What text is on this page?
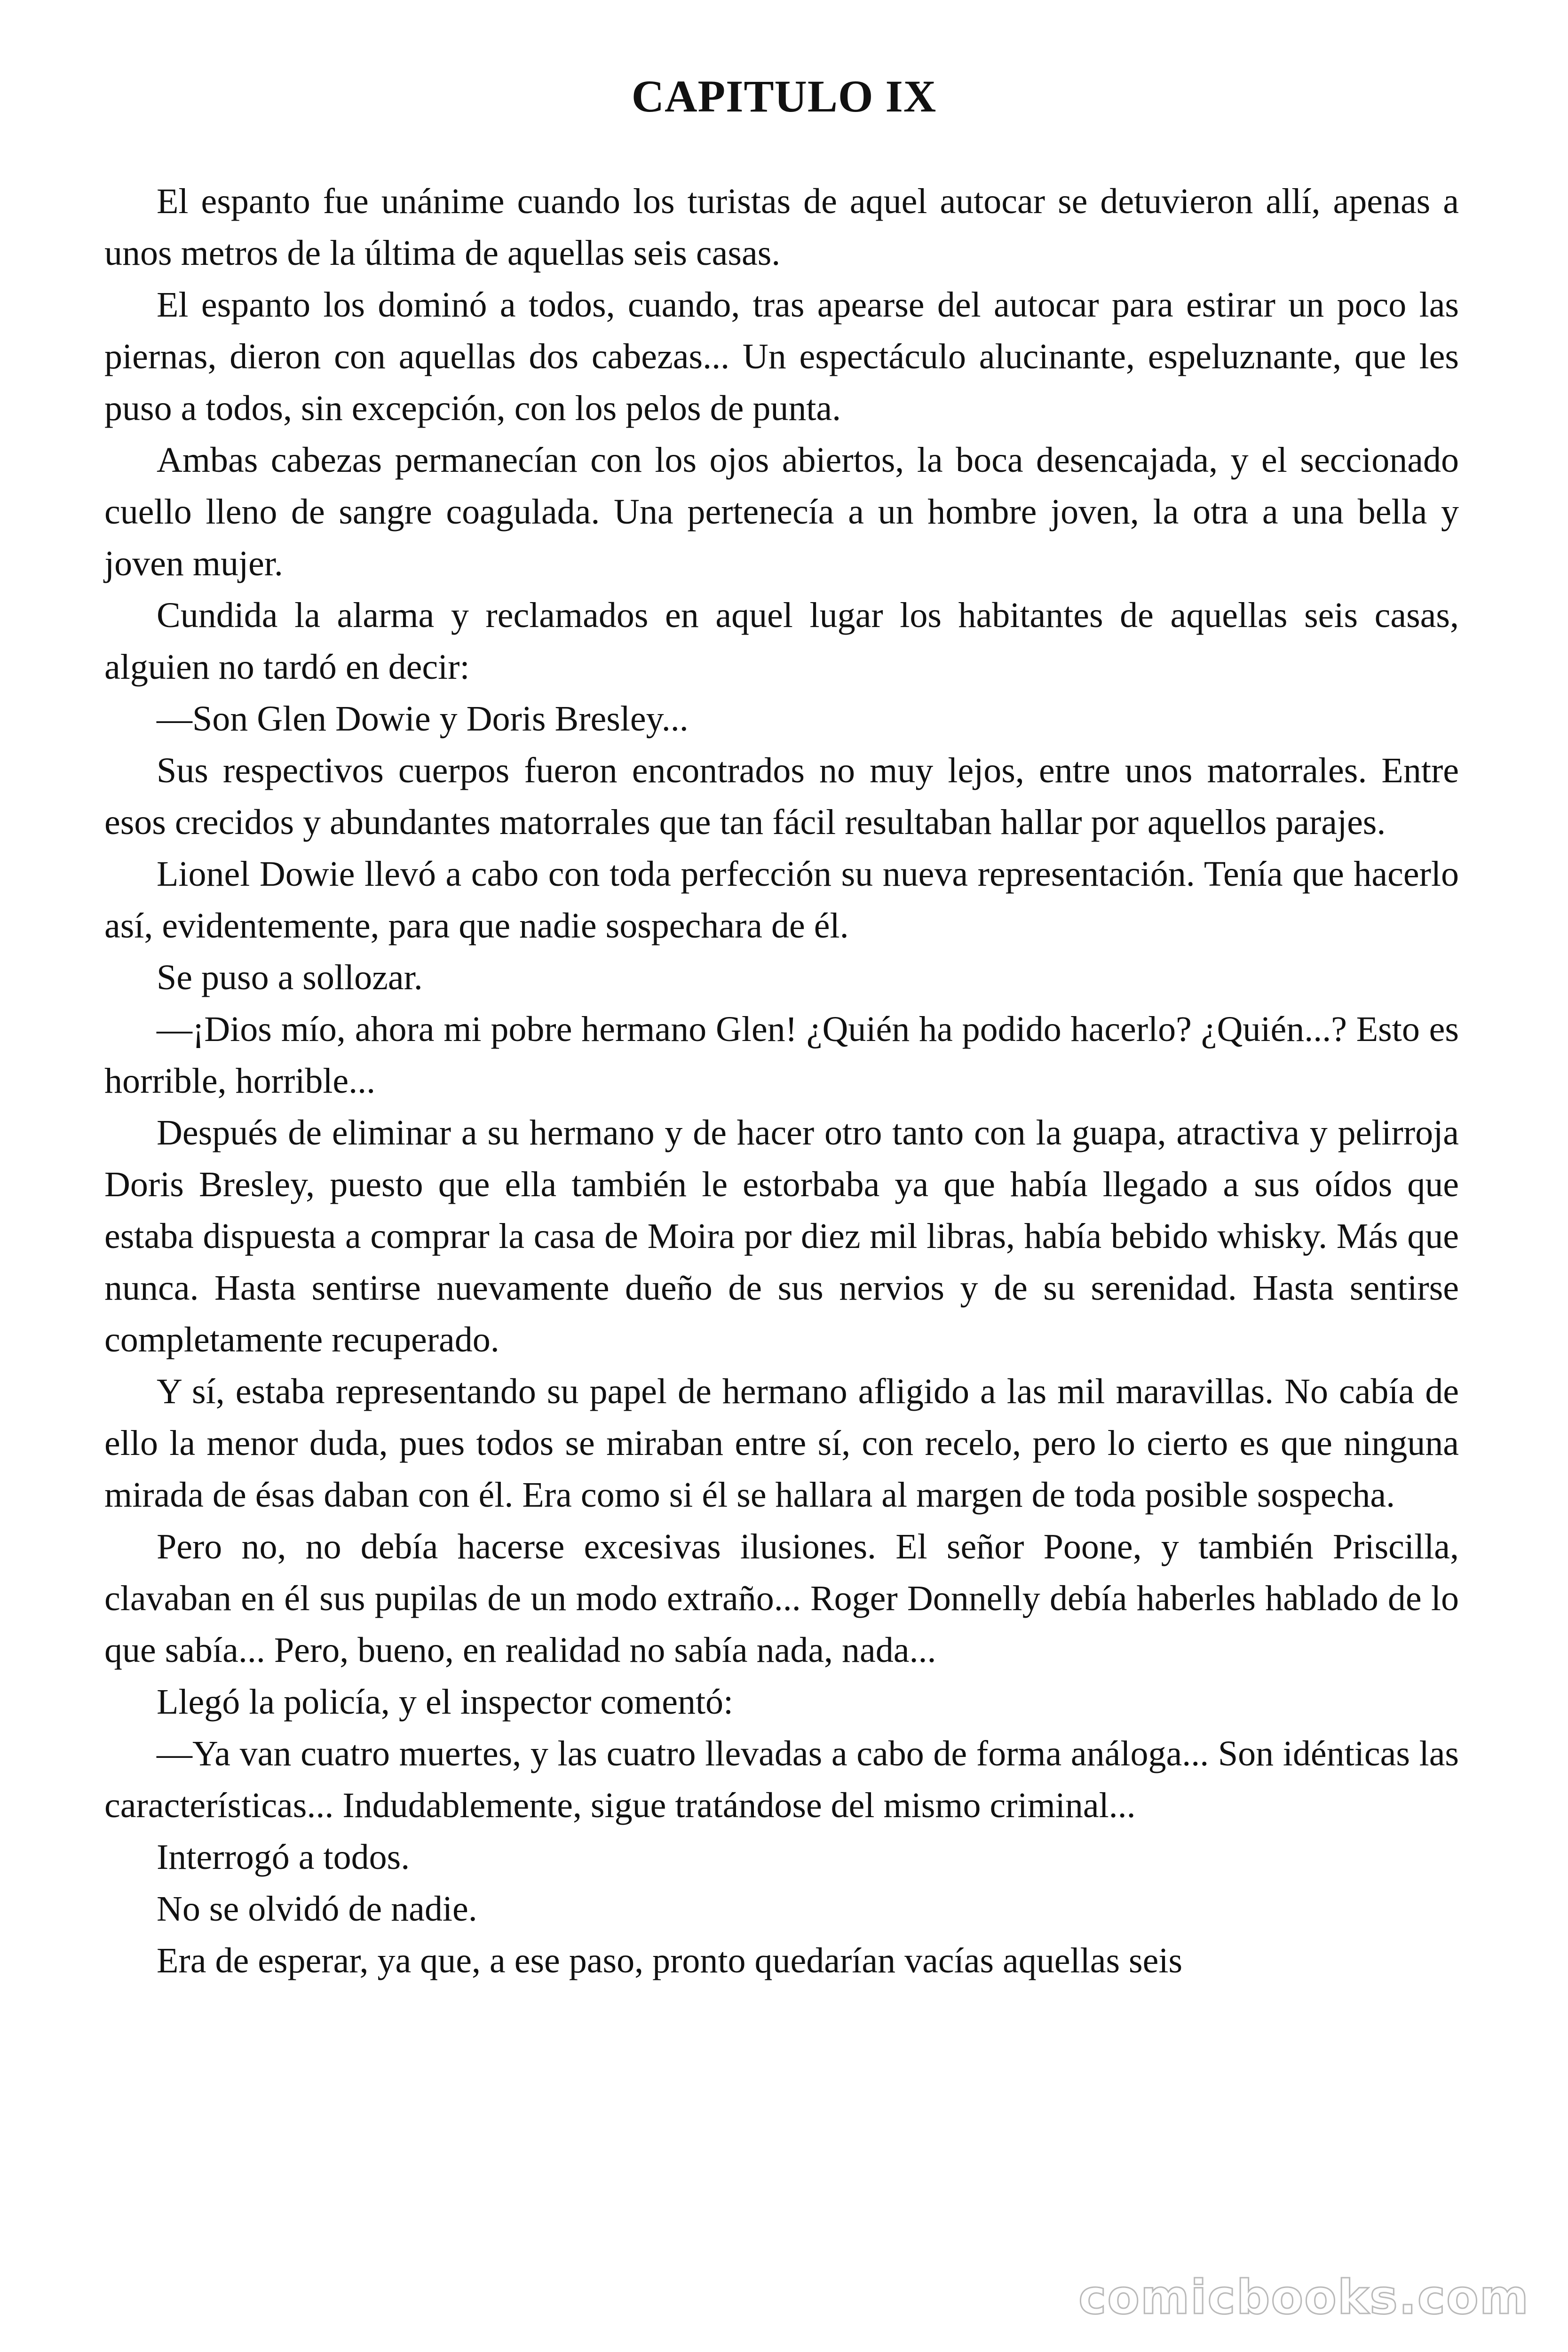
CAPITULO IX

El espanto fue unánime cuando los turistas de aquel autocar se detuvieron allí, apenas a unos metros de la última de aquellas seis casas.

El espanto los dominó a todos, cuando, tras apearse del autocar para estirar un poco las piernas, dieron con aquellas dos cabezas... Un espectáculo alucinante, espeluznante, que les puso a todos, sin excepción, con los pelos de punta.

Ambas cabezas permanecían con los ojos abiertos, la boca desencajada, y el seccionado cuello lleno de sangre coagulada. Una pertenecía a un hombre joven, la otra a una bella y joven mujer.

Cundida la alarma y reclamados en aquel lugar los habitantes de aquellas seis casas, alguien no tardó en decir:

—Son Glen Dowie y Doris Bresley...

Sus respectivos cuerpos fueron encontrados no muy lejos, entre unos matorrales. Entre esos crecidos y abundantes matorrales que tan fácil resultaban hallar por aquellos parajes.

Lionel Dowie llevó a cabo con toda perfección su nueva representación. Tenía que hacerlo así, evidentemente, para que nadie sospechara de él.

Se puso a sollozar.

—¡Dios mío, ahora mi pobre hermano Glen! ¿Quién ha podido hacerlo? ¿Quién...? Esto es horrible, horrible...

Después de eliminar a su hermano y de hacer otro tanto con la guapa, atractiva y pelirroja Doris Bresley, puesto que ella también le estorbaba ya que había llegado a sus oídos que estaba dispuesta a comprar la casa de Moira por diez mil libras, había bebido whisky. Más que nunca. Hasta sentirse nuevamente dueño de sus nervios y de su serenidad. Hasta sentirse completamente recuperado.

Y sí, estaba representando su papel de hermano afligido a las mil maravillas. No cabía de ello la menor duda, pues todos se miraban entre sí, con recelo, pero lo cierto es que ninguna mirada de ésas daban con él. Era como si él se hallara al margen de toda posible sospecha.

Pero no, no debía hacerse excesivas ilusiones. El señor Poone, y también Priscilla, clavaban en él sus pupilas de un modo extraño... Roger Donnelly debía haberles hablado de lo que sabía... Pero, bueno, en realidad no sabía nada, nada...

Llegó la policía, y el inspector comentó:

—Ya van cuatro muertes, y las cuatro llevadas a cabo de forma análoga... Son idénticas las características... Indudablemente, sigue tratándose del mismo criminal...

Interrogó a todos.

No se olvidó de nadie.

Era de esperar, ya que, a ese paso, pronto quedarían vacías aquellas seis

comicbooks.com
